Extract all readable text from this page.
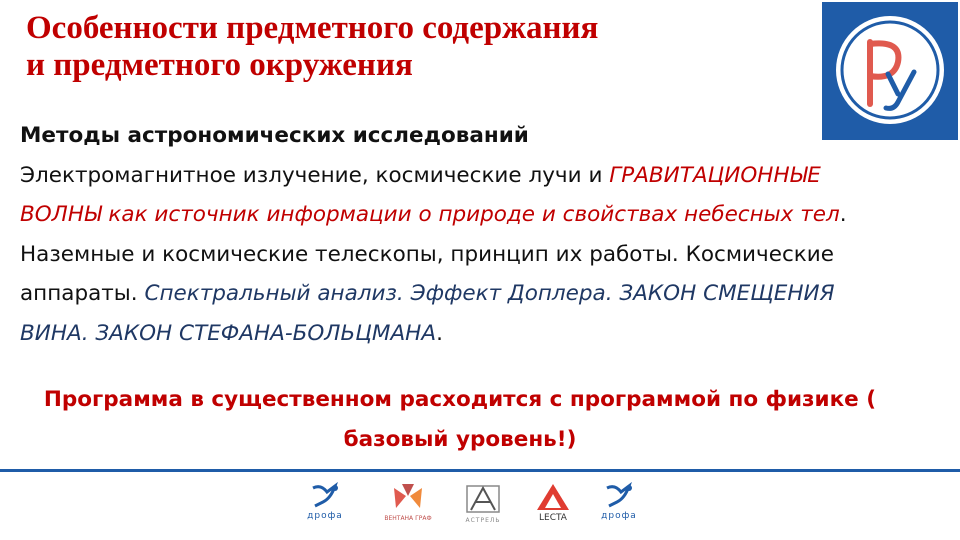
Особенности предметного содержания
и предметного окружения

Методы астрономических исследований

Электромагнитное излучение, космические лучи и ГРАВИТАЦИОННЫЕ ВОЛНЫ как источник информации о природе и свойствах небесных тел. Наземные и космические телескопы, принцип их работы. Космические аппараты. Спектральный анализ. Эффект Доплера. ЗАКОН СМЕЩЕНИЯ ВИНА. ЗАКОН СТЕФАНА-БОЛЬЦМАНА.

Программа в существенном расходится с программой по физике ( базовый уровень!)
дрофа	ВЕНТАНА ГРАФ	АСТРЕЛЬ	LECTA	дрофа
